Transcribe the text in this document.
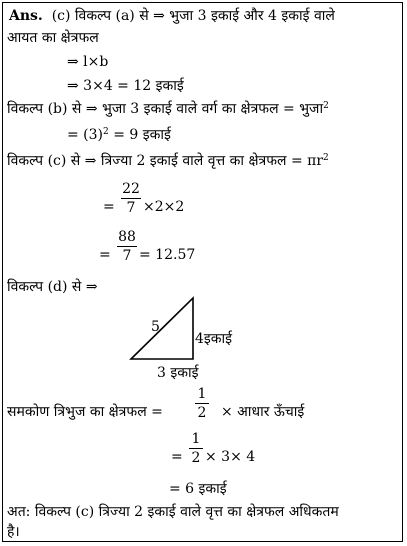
Ans. (c) विकल्प (a) से ⇒ भुजा 3 इकाई और 4 इकाई वाले
आयत का क्षेत्रफल
⇒ l×b
⇒ 3×4 = 12 इकाई
विकल्प (b) से ⇒ भुजा 3 इकाई वाले वर्ग का क्षेत्रफल = भुजा$^2$
= $(3)^2 = 9$ इकाई
विकल्प (c) से ⇒ त्रिज्या 2 इकाई वाले वृत्त का क्षेत्रफल = $\pi r^2$
=
22
7 ×2×2
=
88
7 = 12.57
विकल्प (d) से ⇒
5
4इकाई
3 इकाई
समकोण त्रिभुज का क्षेत्रफल =
1
2 × आधार ऊँचाई
=
1
2 × 3× 4
= 6 इकाई
अत: विकल्प (c) त्रिज्या 2 इकाई वाले वृत्त का क्षेत्रफल अधिकतम
है।
